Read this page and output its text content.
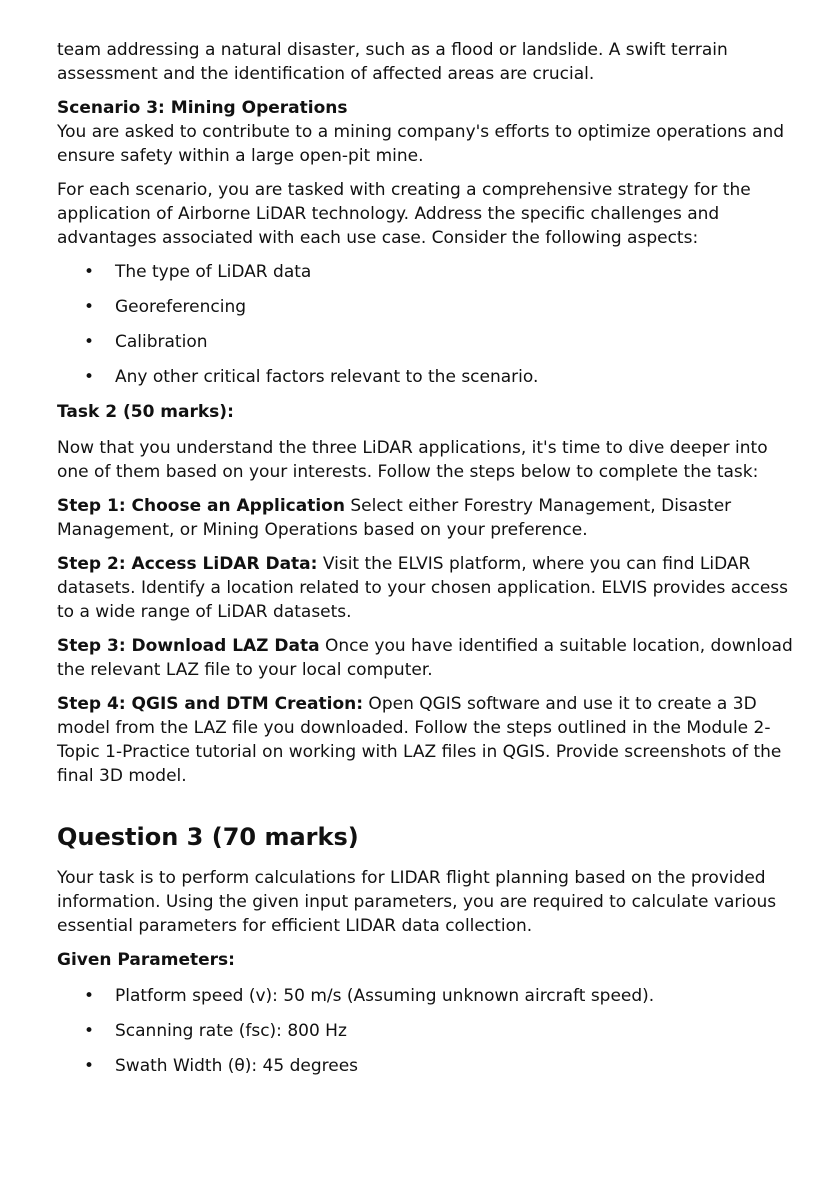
team addressing a natural disaster, such as a flood or landslide. A swift terrain assessment and the identification of affected areas are crucial.

Scenario 3: Mining Operations

You are asked to contribute to a mining company's efforts to optimize operations and ensure safety within a large open-pit mine.

For each scenario, you are tasked with creating a comprehensive strategy for the application of Airborne LiDAR technology. Address the specific challenges and advantages associated with each use case. Consider the following aspects:

• The type of LiDAR data
• Georeferencing
• Calibration
• Any other critical factors relevant to the scenario.

Task 2 (50 marks):

Now that you understand the three LiDAR applications, it's time to dive deeper into one of them based on your interests. Follow the steps below to complete the task:

Step 1: Choose an Application Select either Forestry Management, Disaster Management, or Mining Operations based on your preference.

Step 2: Access LiDAR Data: Visit the ELVIS platform, where you can find LiDAR datasets. Identify a location related to your chosen application. ELVIS provides access to a wide range of LiDAR datasets.

Step 3: Download LAZ Data Once you have identified a suitable location, download the relevant LAZ file to your local computer.

Step 4: QGIS and DTM Creation: Open QGIS software and use it to create a 3D model from the LAZ file you downloaded. Follow the steps outlined in the Module 2-Topic 1-Practice tutorial on working with LAZ files in QGIS. Provide screenshots of the final 3D model.

Question 3 (70 marks)

Your task is to perform calculations for LIDAR flight planning based on the provided information. Using the given input parameters, you are required to calculate various essential parameters for efficient LIDAR data collection.

Given Parameters:

• Platform speed (v): 50 m/s (Assuming unknown aircraft speed).
• Scanning rate (fsc): 800 Hz
• Swath Width (θ): 45 degrees
